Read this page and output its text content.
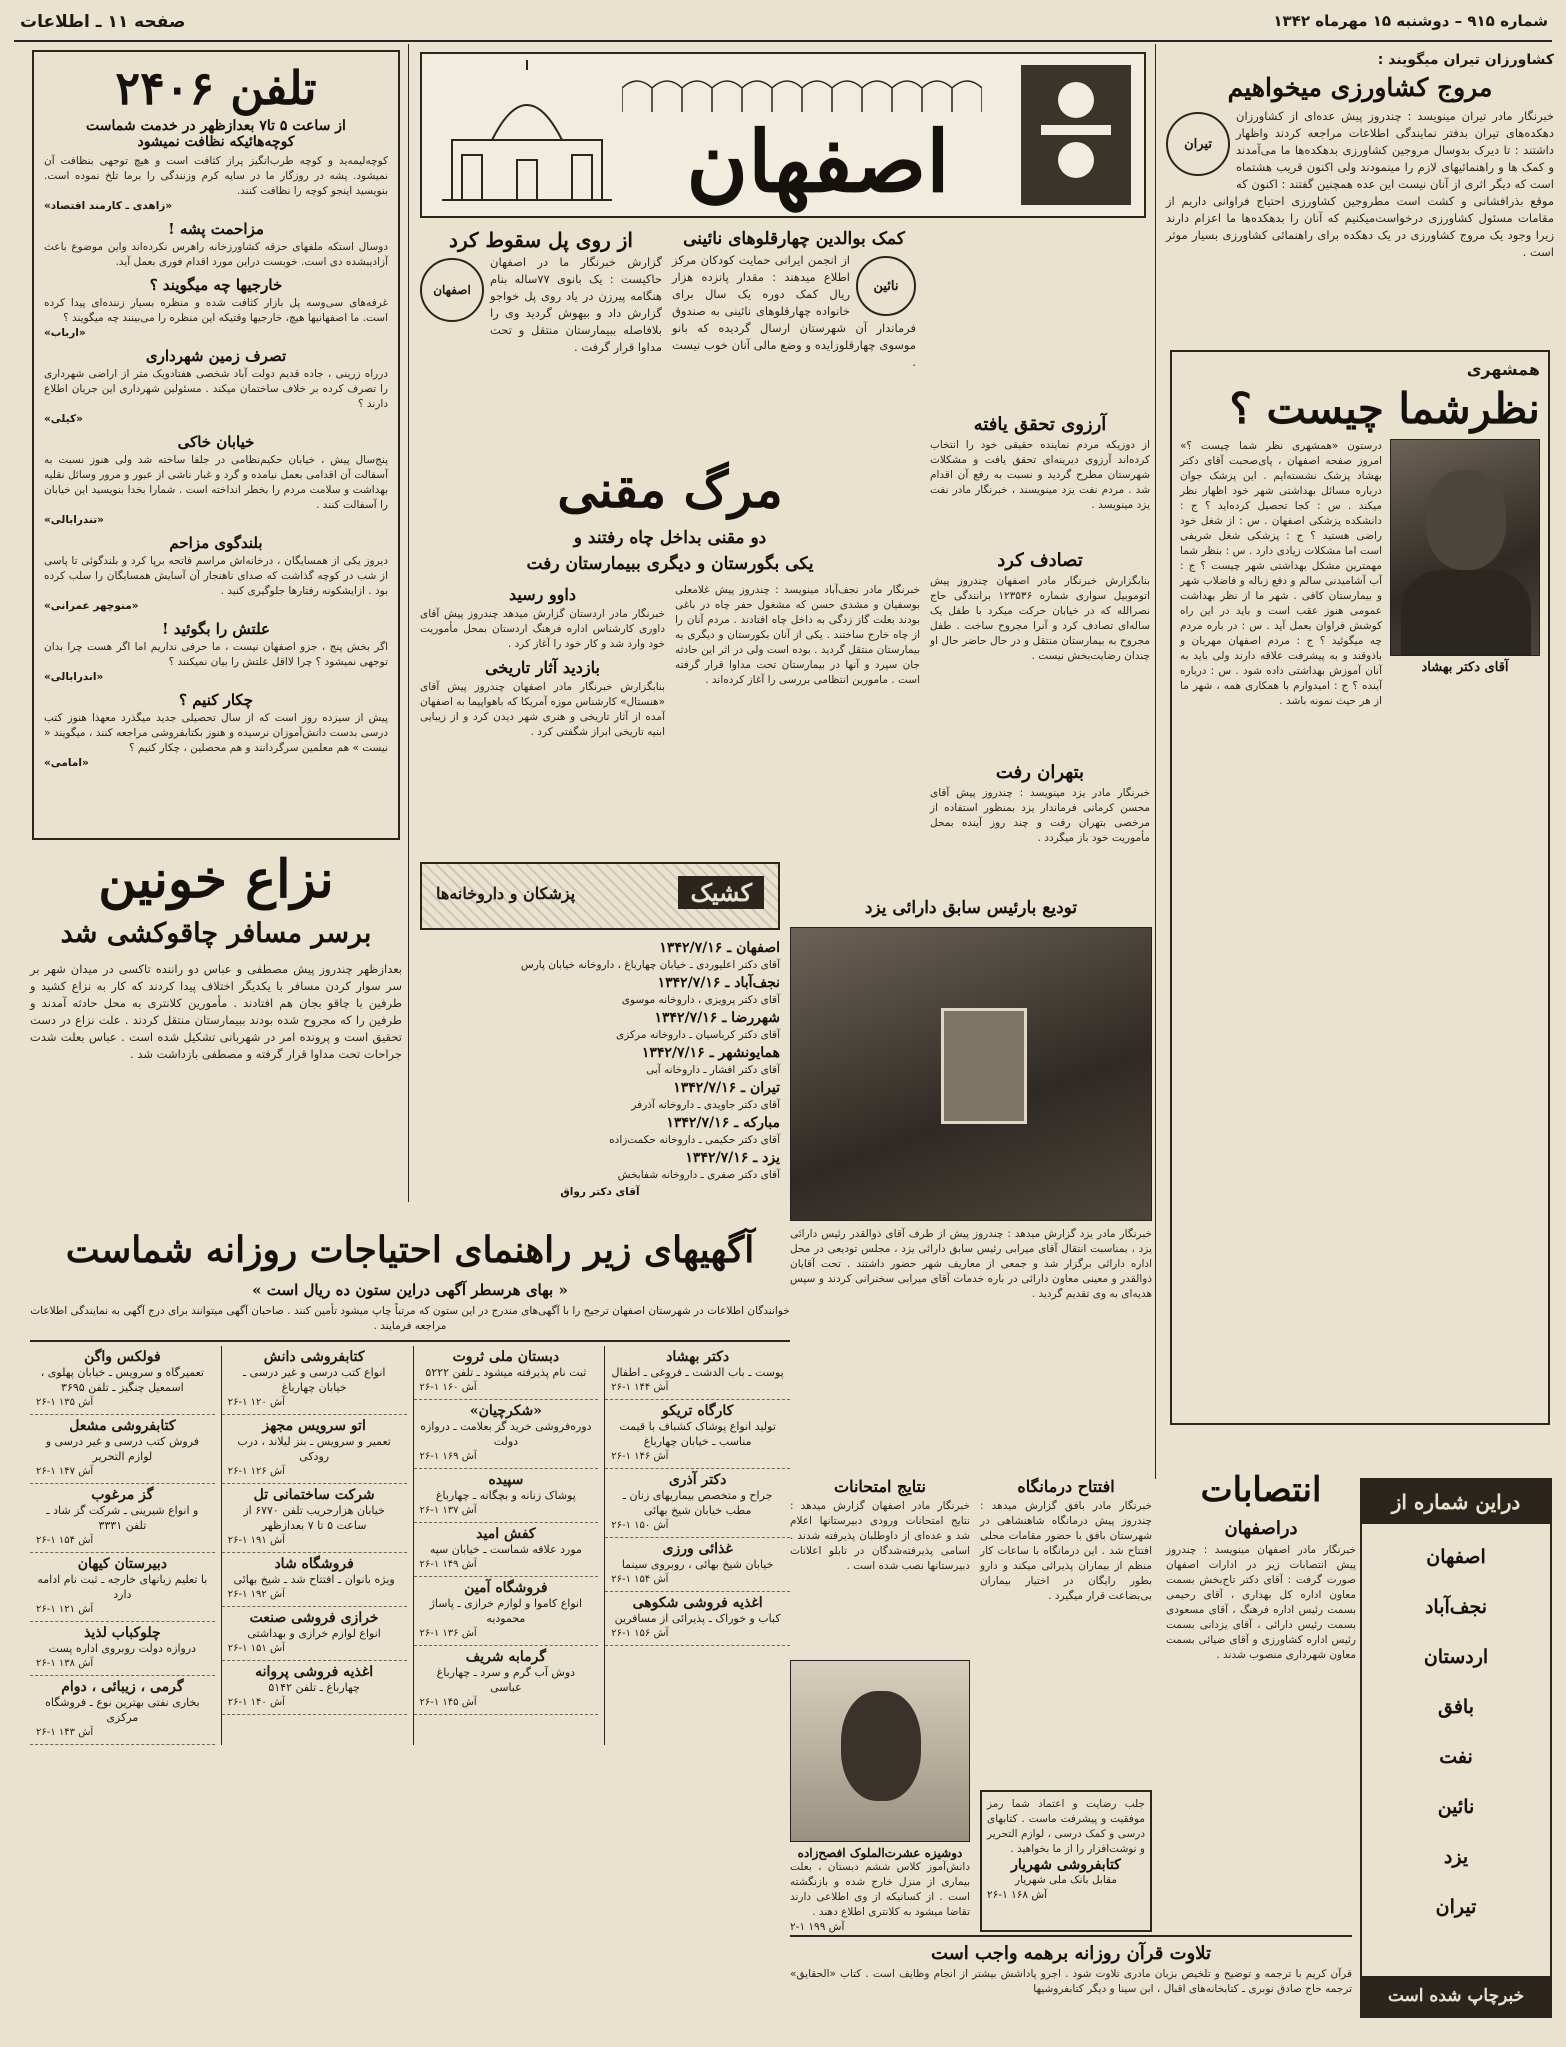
شماره ۹۱۵ – دوشنبه ۱۵ مهرماه ۱۳۴۲
صفحه ۱۱ ـ اطلاعات
تلفن ۲۴۰۶
از ساعت ۵ تا۷ بعدازظهر در خدمت شماست
کوچه‌هائیکه نظافت نمیشود
کوچه‌لیمه‌ید و کوچه طرب‌انگیز پراز کثافت است و هیچ توجهی بنظافت آن نمیشود. پشه در روزگار ما در سایه کرم وزنندگی را برما تلخ نموده است. بنویسید اینجو کوچه را نظافت کنند.
«زاهدی ـ کارمند اقتصاد»
مزاحمت پشه !
دوسال استکه ملفهای حزقه کشاورزخانه راهرس نکرده‌اند واین موضوع باعث آزادیبشده دی است. خوبست دراین مورد اقدام فوری بعمل آید.
خارجیها چه میگویند ؟
غرفه‌های سی‌وسه پل بازار کثافت شده و منظره بسیار زننده‌ای پیدا کرده است. ما اصفهانیها هیچ، خارجیها وقتیکه این منظره را می‌بینند چه میگویند ؟
«ارباب»
تصرف زمین شهرداری
درراه زرینی ، جاده قدیم دولت آباد شخصی هفتادویک متر از اراضی شهرداری را تصرف کرده بر خلاف ساختمان میکند . مسئولین شهرداری این جریان اطلاع دارند ؟
«کیلی»
خیابان خاکی
پنج‌سال پیش ، خیابان حکیم‌نظامی در جلفا ساخته شد ولی هنوز نسبت به آسفالت آن اقدامی بعمل نیامده و گرد و غبار ناشی از عبور و مرور وسائل نقلیه بهداشت و سلامت مردم را بخطر انداخته است . شمارا بخدا بنویسید این خیابان را آسفالت کنند .
«تندرابالی»
بلندگوی مزاحم
دیروز یکی از همسایگان ، درخانه‌اش مراسم فاتحه برپا کرد و بلندگوئی تا پاسی از شب در کوچه گذاشت که صدای ناهنجار آن آسایش همسایگان را سلب کرده بود . ازایشکونه رفتارها جلوگیری کنید .
«منوچهر عمرانی»
علتش را بگوئید !
اگر بخش پنج ، جزو اصفهان نیست ، ما حرفی نداریم اما اگر هست چرا بدان توجهی نمیشود ؟ چرا لااقل علتش را بیان نمیکنند ؟
«اندرابالی»
چکار کنیم ؟
پیش از سیزده روز است که از سال تحصیلی جدید میگذرد معهذا هنوز کتب درسی بدست دانش‌آموزان نرسیده و هنوز بکتابفروشی مراجعه کنند ، میگویند « نیست » هم معلمین سرگردانند و هم محصلین ، چکار کنیم ؟
«امامی»
نزاع خونین
برسر مسافر چاقوکشی شد
بعدازظهر چندروز پیش مصطفی و عباس دو راننده تاکسی در میدان شهر بر سر سوار کردن مسافر با یکدیگر اختلاف پیدا کردند که کار به نزاع کشید و طرفین با چاقو بجان هم افتادند . مأمورین کلانتری به محل حادثه آمدند و طرفین را که مجروح شده بودند ببیمارستان منتقل کردند . علت نزاع در دست تحقیق است و پرونده امر در شهربانی تشکیل شده است . عباس بعلت شدت جراحات تحت مداوا قرار گرفته و مصطفی بازداشت شد .
اصفهان
از روی پل سقوط کرد
اصفهان
گزارش خبرنگار ما در اصفهان حاکیست : یک بانوی ۷۷ساله بنام هنگامه پیرزن در یاد روی پل خواجو گزارش داد و بیهوش گردید وی را بلافاصله ببیمارستان منتقل و تحت مداوا قرار گرفت .
کمک بوالدین چهارقلوهای نائینی
نائین
از انجمن ایرانی حمایت کودکان مرکز اطلاع میدهند : مقدار پانزده هزار ریال کمک دوره یک سال برای خانواده چهارقلوهای نائینی به صندوق فرماندار آن شهرستان ارسال گردیده که بانو موسوی چهارقلوزایده و وضع مالی آنان خوب نیست .
آرزوی تحقق یافته
از دوزیکه مردم نماینده حقیقی خود را انتخاب کرده‌اند آرزوی دیرینه‌ای تحقق یافت و مشکلات شهرستان مطرح گردید و نسبت به رفع آن اقدام شد . مردم نفت یزد مینویسند ، خبرنگار مادر نفت یزد مینویسد .
تصادف کرد
بنابگزارش خبرنگار مادر اصفهان چندروز پیش اتوموبیل سواری شماره ۱۲۳۵۳۶ برانندگی حاج نصرالله که در خیابان حرکت میکرد با طفل یک ساله‌ای تصادف کرد و آنرا مجروح ساخت . طفل مجروح به بیمارستان منتقل و در حال حاضر حال او چندان رضایت‌بخش نیست .
بتهران رفت
خبرنگار مادر یزد مینویسد : چندروز پیش آقای محسن کرمانی فرماندار یزد بمنظور استفاده از مرخصی بتهران رفت و چند روز آینده بمحل مأموریت خود باز میگردد .
مرگ مقنی
دو مقنی بداخل چاه رفتند و
یکی بگورستان و دیگری ببیمارستان رفت
خبرنگار مادر نجف‌آباد مینویسد : چندروز پیش غلامعلی بوسفیان و مشدی حسن که مشغول حفر چاه در باغی بودند بعلت گاز زدگی به داخل چاه افتادند . مردم آنان را از چاه خارج ساختند . یکی از آنان بکورستان و دیگری به بیمارستان منتقل گردید . بوده است ولی در اثر این حادثه جان سپرد و آنها در بیمارستان تحت مداوا قرار گرفته است . مامورین انتظامی بررسی را آغاز کرده‌اند .
داوو رسید
خبرنگار مادر اردستان گزارش میدهد چندروز پیش آقای داوری کارشناس اداره فرهنگ اردستان بمحل مأموریت خود وارد شد و کار خود را آغاز کرد .
بازدید آثار تاریخی
بنابگزارش خبرنگار مادر اصفهان چندروز پیش آقای «هنستال» کارشناس موزه آمریکا که باهواپیما به اصفهان آمده از آثار تاریخی و هنری شهر دیدن کرد و از زیبایی ابنیه تاریخی ابراز شگفتی کرد .
کشیک
پزشکان و داروخانه‌ها
اصفهان ـ ۱۳۴۲/۷/۱۶
آقای دکتر اعلیوردی ـ خیابان چهارباغ ، داروخانه خیابان پارس
نجف‌آباد ـ ۱۳۴۲/۷/۱۶
آقای دکتر پرویزی ، داروخانه موسوی
شهررضا ـ ۱۳۴۲/۷/۱۶
آقای دکتر کرباسیان ـ داروخانه مرکزی
همایونشهر ـ ۱۳۴۲/۷/۱۶
آقای دکتر افشار ـ داروخانه آبی
تیران ـ ۱۳۴۲/۷/۱۶
آقای دکتر جاویدی ـ داروخانه آذرفر
مبارکه ـ ۱۳۴۲/۷/۱۶
آقای دکتر حکیمی ـ داروخانه حکمت‌زاده
یزد ـ ۱۳۴۲/۷/۱۶
آقای دکتر صفری ـ داروخانه شفابخش
آقای دکتر رواق
تودیع بارئیس سابق دارائی یزد
خبرنگار مادر یزد گزارش میدهد : چندروز پیش از طرف آقای ذوالقدر رئیس دارائی یزد ، بمناسبت انتقال آقای میرابی رئیس سابق دارائی یزد ، مجلس تودیعی در محل اداره دارائی برگزار شد و جمعی از معاریف شهر حضور داشتند . تحت آقایان ذوالقدر و معینی معاون دارائی در باره خدمات آقای میرابی سخنرانی کردند و سپس هدیه‌ای به وی تقدیم گردید .
کشاورزان تیران میگویند :
مروج کشاورزی میخواهیم
تیران
خبرنگار مادر تیران مینویسد : چندروز پیش عده‌ای از کشاورزان دهکده‌های تیران بدفتر نمایندگی اطلاعات مراجعه کردند واظهار داشتند : تا دیرک بدوسال مروجین کشاورزی بدهکده‌ها ما می‌آمدند و کمک ها و راهنمائیهای لازم را مینمودند ولی اکنون قریب هشتماه است که دیگر اثری از آنان نیست این عده همچنین گفتند : اکنون که موقع بذرافشانی و کشت است مطروجین کشاورزی احتیاج فراوانی داریم از مقامات مسئول کشاورزی درخواست‌میکنیم که آنان را بدهکده‌ها ما اعزام دارند زیرا وجود یک مروج کشاورزی در یک دهکده برای راهنمائی کشاورزی بسیار موثر است .
همشهری
نظرشما چیست ؟
آقای دکتر بهشاد
درستون «همشهری نظر شما چیست ؟» امروز صفحه اصفهان ، پای‌صحبت آقای دکتر بهشاد پزشک نشسته‌ایم . این پزشک جوان درباره مسائل بهداشتی شهر خود اظهار نظر میکند . س : کجا تحصیل کرده‌اید ؟ ج : دانشکده پزشکی اصفهان . س : از شغل خود راضی هستید ؟ ج : پزشکی شغل شریفی است اما مشکلات زیادی دارد . س : بنظر شما مهمترین مشکل بهداشتی شهر چیست ؟ ج : آب آشامیدنی سالم و دفع زباله و فاضلاب شهر و بیمارستان کافی . شهر ما از نظر بهداشت عمومی هنوز عقب است و باید در این راه کوشش فراوان بعمل آید . س : در باره مردم چه میگوئید ؟ ج : مردم اصفهان مهربان و باذوقند و به پیشرفت علاقه دارند ولی باید به آنان آموزش بهداشتی داده شود . س : درباره آینده ؟ ج : امیدوارم با همکاری همه ، شهر ما از هر حیث نمونه باشد .
آگهیهای زیر راهنمای احتیاجات روزانه شماست
« بهای هرسطر آگهی دراین ستون ده ریال است »
خوانندگان اطلاعات در شهرستان اصفهان ترجیح را با آگهی‌های مندرج در این ستون که مرتباً چاپ میشود تأمین کنند . صاحبان آگهی میتوانند برای درج آگهی به نمایندگی اطلاعات مراجعه فرمایند .
دکتر بهشاد
پوست ـ باب الدشت ـ فروغی ـ اطفال
آش ۱۴۴ ۱-۲۶
کارگاه تریکو
تولید انواع پوشاک کشباف با قیمت مناسب ـ خیابان چهارباغ
آش ۱۴۶ ۱-۲۶
دکتر آذری
جراح و متخصص بیماریهای زنان ـ مطب خیابان شیخ بهائی
آش ۱۵۰ ۱-۲۶
غذائی ورزی
خیابان شیخ بهائی ، روبروی سینما
آش ۱۵۴ ۱-۲۶
اغذیه فروشی شکوهی
کباب و خوراک ـ پذیرائی از مسافرین
آش ۱۵۶ ۱-۲۶
دبستان ملی ثروت
ثبت نام پذیرفته میشود ـ تلفن ۵۲۲۲
آش ۱۶۰ ۱-۲۶
«شکرچیان»
دوره‌فروشی خرید گز بعلامت ـ دروازه دولت
آش ۱۶۹ ۱-۲۶
سپیده
پوشاک زنانه و بچگانه ـ چهارباغ
آش ۱۳۷ ۱-۲۶
کفش امید
مورد علاقه شماست ـ خیابان سپه
آش ۱۴۹ ۱-۲۶
فروشگاه آمین
انواع کاموا و لوازم خرازی ـ پاساژ محمودیه
آش ۱۳۶ ۱-۲۶
گرمابه شریف
دوش آب گرم و سرد ـ چهارباغ عباسی
آش ۱۴۵ ۱-۲۶
کتابفروشی دانش
انواع کتب درسی و غیر درسی ـ خیابان چهارباغ
آش ۱۲۰ ۱-۲۶
اتو سرویس مجهز
تعمیر و سرویس ـ بنز لیلاند ، درب رودکی
آش ۱۲۶ ۱-۲۶
شرکت ساختمانی تل
خیابان هزارجریب تلفن ۶۷۷۰ از ساعت ۵ تا ۷ بعدازظهر
آش ۱۹۱ ۱-۲۶
فروشگاه شاد
ویژه بانوان ـ افتتاح شد ـ شیخ بهائی
آش ۱۹۲ ۱-۲۶
خرازی فروشی صنعت
انواع لوازم خرازی و بهداشتی
آش ۱۵۱ ۱-۲۶
اغذیه فروشی پروانه
چهارباغ ـ تلفن ۵۱۴۲
آش ۱۴۰ ۱-۲۶
فولکس واگن
تعمیرگاه و سرویس ـ خیابان پهلوی ، اسمعیل چنگیز ـ تلفن ۳۶۹۵
آش ۱۳۵ ۱-۲۶
کتابفروشی مشعل
فروش کتب درسی و غیر درسی و لوازم التحریر
آش ۱۴۷ ۱-۲۶
گز مرغوب
و انواع شیرینی ـ شرکت گز شاد ـ تلفن ۳۳۳۱
آش ۱۵۴ ۱-۲۶
دبیرستان کیهان
با تعلیم زبانهای خارجه ـ ثبت نام ادامه دارد
آش ۱۲۱ ۱-۲۶
چلوکباب لذیذ
دروازه دولت روبروی اداره پست
آش ۱۳۸ ۱-۲۶
گرمی ، زیبائی ، دوام
بخاری نفتی بهترین نوع ـ فروشگاه مرکزی
آش ۱۴۳ ۱-۲۶
نتایج امتحانات
خبرنگار مادر اصفهان گزارش میدهد : نتایج امتحانات ورودی دبیرستانها اعلام شد و عده‌ای از داوطلبان پذیرفته شدند . اسامی پذیرفته‌شدگان در تابلو اعلانات دبیرستانها نصب شده است .
افتتاح درمانگاه
خبرنگار مادر بافق گزارش میدهد : چندروز پیش درمانگاه شاهنشاهی در شهرستان بافق با حضور مقامات محلی افتتاح شد . این درمانگاه با ساعات کار منظم از بیماران پذیرائی میکند و دارو بطور رایگان در اختیار بیماران بی‌بضاعت قرار میگیرد .
دوشیزه عشرت‌الملوک افصح‌زاده
دانش‌آموز کلاس ششم دبستان ، بعلت بیماری از منزل خارج شده و بازنگشته است . از کسانیکه از وی اطلاعی دارند تقاضا میشود به کلانتری اطلاع دهند .
آش ۱۹۹ ۱-۲
جلب رضایت و اعتماد شما رمز موفقیت و پیشرفت ماست . کتابهای درسی و کمک درسی ، لوازم التحریر و نوشت‌افزار را از ما بخواهید .
کتابفروشی شهریار
مقابل بانک ملی شهریار
آش ۱۶۸ ۱-۲۶
انتصابات
دراصفهان
خبرنگار مادر اصفهان مینویسد : چندروز پیش انتصابات زیر در ادارات اصفهان صورت گرفت : آقای دکتر تاج‌بخش بسمت معاون اداره کل بهداری ، آقای رحیمی بسمت رئیس اداره فرهنگ ، آقای مسعودی بسمت رئیس دارائی ، آقای یزدانی بسمت رئیس اداره کشاورزی و آقای ضیائی بسمت معاون شهرداری منصوب شدند .
تلاوت قرآن روزانه برهمه واجب است
قرآن کریم با ترجمه و توضیح و تلخیص بزبان مادری تلاوت شود . اجرو پاداشش بیشتر از انجام وظایف است . کتاب «الحقایق» ترجمه حاج صادق نوبری ـ کتابخانه‌های اقبال ، ابن سینا و دیگر کتابفروشیها
دراین شماره از
اصفهان
نجف‌آباد
اردستان
بافق
نفت
نائین
یزد
تیران
خبرچاپ شده است
